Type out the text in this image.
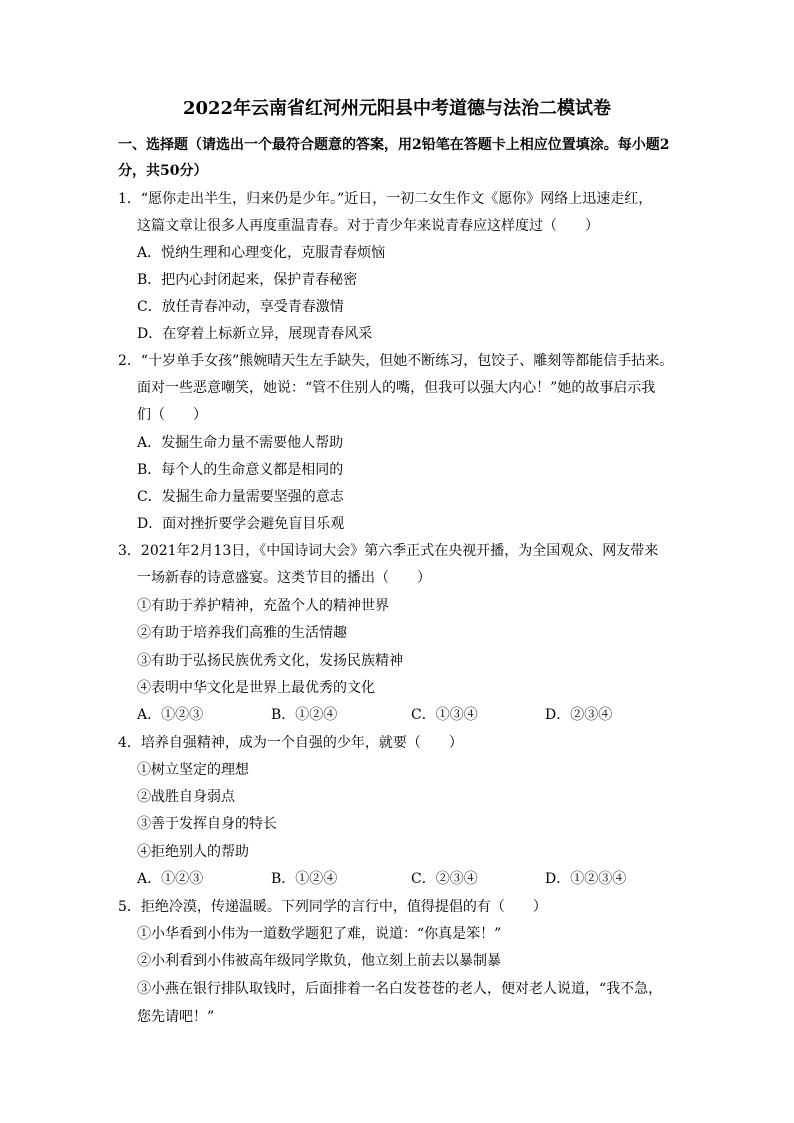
2022年云南省红河州元阳县中考道德与法治二模试卷
一、选择题（请选出一个最符合题意的答案，用2铅笔在答题卡上相应位置填涂。每小题2
分，共50分）
1．“愿你走出半生，归来仍是少年。”近日，一初二女生作文《愿你》网络上迅速走红，
这篇文章让很多人再度重温青春。对于青少年来说青春应这样度过（　　）
A．悦纳生理和心理变化，克服青春烦恼
B．把内心封闭起来，保护青春秘密
C．放任青春冲动，享受青春激情
D．在穿着上标新立异，展现青春风采
2．“十岁单手女孩”熊婉晴天生左手缺失，但她不断练习，包饺子、雕刻等都能信手拈来。
面对一些恶意嘲笑，她说：“管不住别人的嘴，但我可以强大内心！”她的故事启示我
们（　　）
A．发掘生命力量不需要他人帮助
B．每个人的生命意义都是相同的
C．发掘生命力量需要坚强的意志
D．面对挫折要学会避免盲目乐观
3．2021年2月13日，《中国诗词大会》第六季正式在央视开播，为全国观众、网友带来
一场新春的诗意盛宴。这类节目的播出（　　）
①有助于养护精神，充盈个人的精神世界
②有助于培养我们高雅的生活情趣
③有助于弘扬民族优秀文化，发扬民族精神
④表明中华文化是世界上最优秀的文化
A．①②③	B．①②④	C．①③④	D．②③④
4．培养自强精神，成为一个自强的少年，就要（　　）
①树立坚定的理想
②战胜自身弱点
③善于发挥自身的特长
④拒绝别人的帮助
A．①②③	B．①②④	C．②③④	D．①②③④
5．拒绝冷漠，传递温暖。下列同学的言行中，值得提倡的有（　　）
①小华看到小伟为一道数学题犯了难，说道：“你真是笨！”
②小利看到小伟被高年级同学欺负，他立刻上前去以暴制暴
③小燕在银行排队取钱时，后面排着一名白发苍苍的老人，便对老人说道，“我不急，
您先请吧！”
